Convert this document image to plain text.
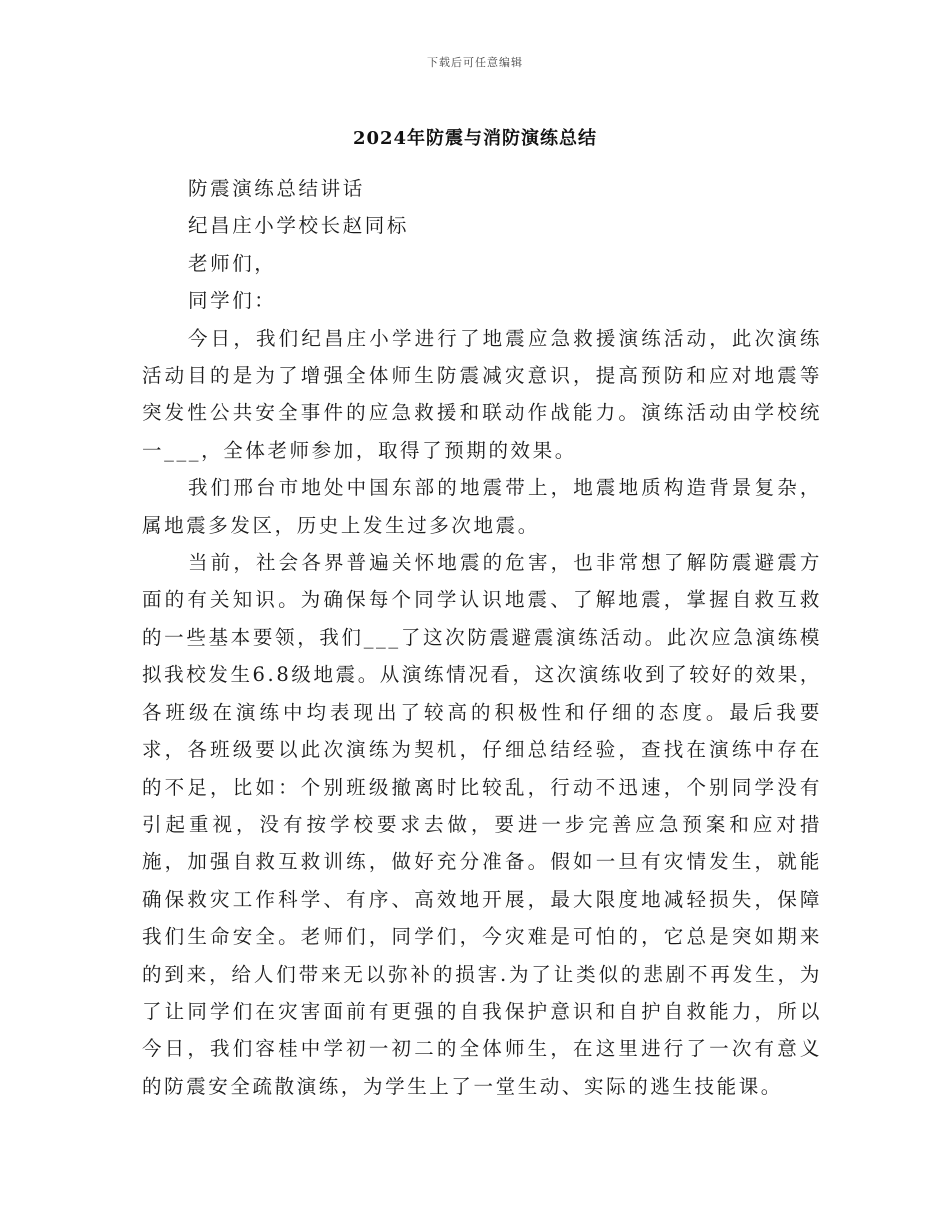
下载后可任意编辑
2024年防震与消防演练总结

防震演练总结讲话

纪昌庄小学校长赵同标

老师们，

同学们：

今日，我们纪昌庄小学进行了地震应急救援演练活动，此次演练活动目的是为了增强全体师生防震减灾意识，提高预防和应对地震等突发性公共安全事件的应急救援和联动作战能力。演练活动由学校统一___，全体老师参加，取得了预期的效果。

我们邢台市地处中国东部的地震带上，地震地质构造背景复杂，属地震多发区，历史上发生过多次地震。

当前，社会各界普遍关怀地震的危害，也非常想了解防震避震方面的有关知识。为确保每个同学认识地震、了解地震，掌握自救互救的一些基本要领，我们___了这次防震避震演练活动。此次应急演练模拟我校发生6.8级地震。从演练情况看，这次演练收到了较好的效果，各班级在演练中均表现出了较高的积极性和仔细的态度。最后我要求，各班级要以此次演练为契机，仔细总结经验，查找在演练中存在的不足，比如：个别班级撤离时比较乱，行动不迅速，个别同学没有引起重视，没有按学校要求去做，要进一步完善应急预案和应对措施，加强自救互救训练，做好充分准备。假如一旦有灾情发生，就能确保救灾工作科学、有序、高效地开展，最大限度地减轻损失，保障我们生命安全。老师们，同学们，今灾难是可怕的，它总是突如期来的到来，给人们带来无以弥补的损害.为了让类似的悲剧不再发生，为了让同学们在灾害面前有更强的自我保护意识和自护自救能力，所以今日，我们容桂中学初一初二的全体师生，在这里进行了一次有意义的防震安全疏散演练，为学生上了一堂生动、实际的逃生技能课。
